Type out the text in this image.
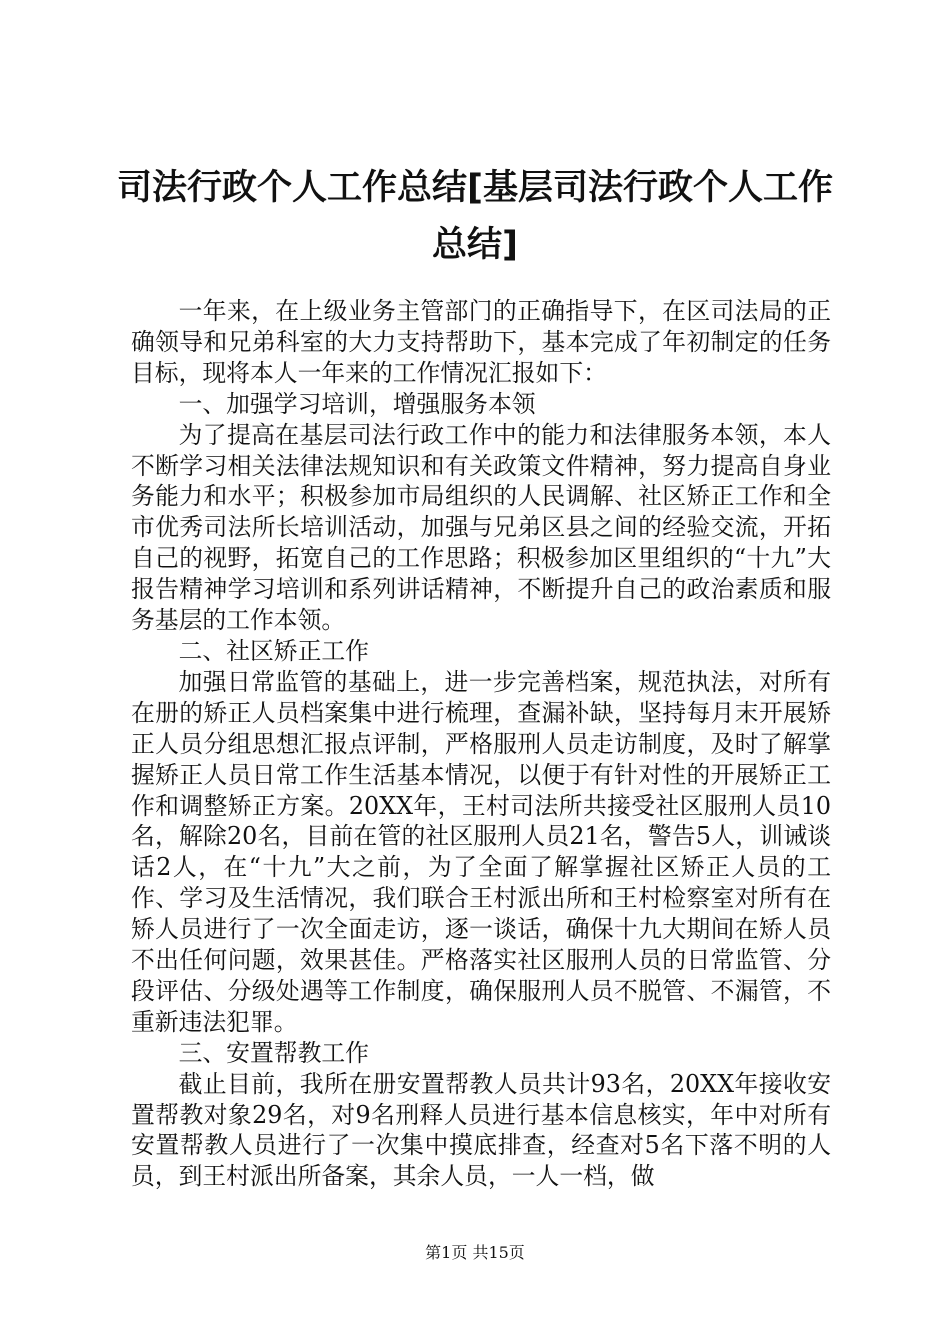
司法行政个人工作总结[基层司法行政个人工作总结]

一年来，在上级业务主管部门的正确指导下，在区司法局的正确领导和兄弟科室的大力支持帮助下，基本完成了年初制定的任务目标，现将本人一年来的工作情况汇报如下：

一、加强学习培训，增强服务本领

为了提高在基层司法行政工作中的能力和法律服务本领，本人不断学习相关法律法规知识和有关政策文件精神，努力提高自身业务能力和水平；积极参加市局组织的人民调解、社区矫正工作和全市优秀司法所长培训活动，加强与兄弟区县之间的经验交流，开拓自己的视野，拓宽自己的工作思路；积极参加区里组织的“十九”大报告精神学习培训和系列讲话精神，不断提升自己的政治素质和服务基层的工作本领。

二、社区矫正工作

加强日常监管的基础上，进一步完善档案，规范执法，对所有在册的矫正人员档案集中进行梳理，查漏补缺，坚持每月末开展矫正人员分组思想汇报点评制，严格服刑人员走访制度，及时了解掌握矫正人员日常工作生活基本情况，以便于有针对性的开展矫正工作和调整矫正方案。20XX年，王村司法所共接受社区服刑人员10名，解除20名，目前在管的社区服刑人员21名，警告5人，训诫谈话2人，在“十九”大之前，为了全面了解掌握社区矫正人员的工作、学习及生活情况，我们联合王村派出所和王村检察室对所有在矫人员进行了一次全面走访，逐一谈话，确保十九大期间在矫人员不出任何问题，效果甚佳。严格落实社区服刑人员的日常监管、分段评估、分级处遇等工作制度，确保服刑人员不脱管、不漏管，不重新违法犯罪。

三、安置帮教工作

截止目前，我所在册安置帮教人员共计93名，20XX年接收安置帮教对象29名，对9名刑释人员进行基本信息核实，年中对所有安置帮教人员进行了一次集中摸底排查，经查对5名下落不明的人员，到王村派出所备案，其余人员，一人一档，做

第1页 共15页
